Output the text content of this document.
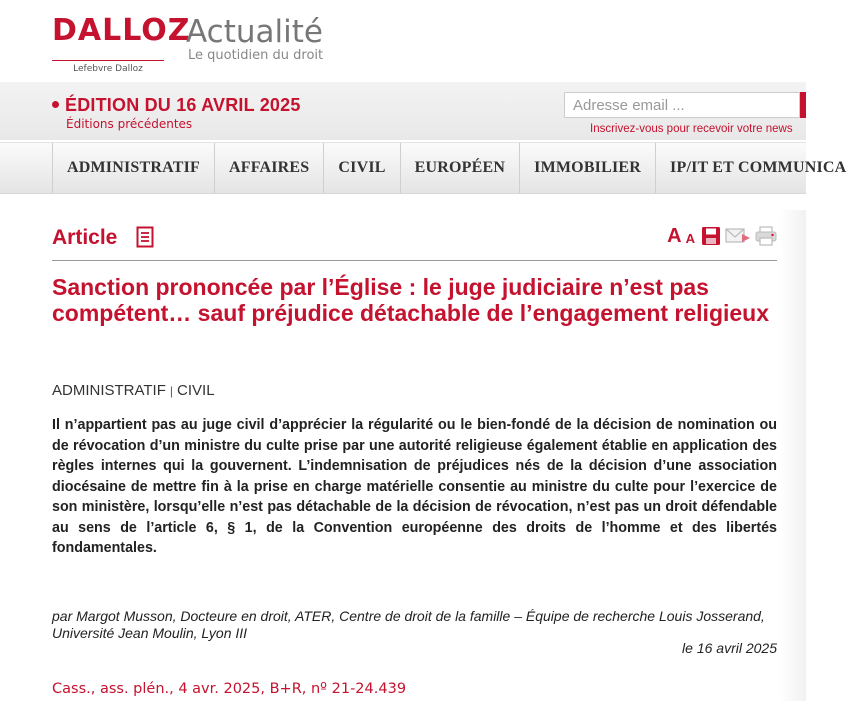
DALLOZ
Lefebvre Dalloz
Actualité
Le quotidien du droit
ÉDITION DU 16 AVRIL 2025
Éditions précédentes
Adresse email ...	Inscrivez-vous pour recevoir votre news
ADMINISTRATIF	AFFAIRES	CIVIL	EUROPÉEN	IMMOBILIER	IP/IT ET COMMUNICA
Article	A A
Sanction prononcée par l’Église : le juge judiciaire n’est pas compétent… sauf préjudice détachable de l’engagement religieux
ADMINISTRATIF | CIVIL

Il n’appartient pas au juge civil d’apprécier la régularité ou le bien-fondé de la décision de nomination ou de révocation d’un ministre du culte prise par une autorité religieuse également établie en application des règles internes qui la gouvernent. L’indemnisation de préjudices nés de la décision d’une association diocésaine de mettre fin à la prise en charge matérielle consentie au ministre du culte pour l’exercice de son ministère, lorsqu’elle n’est pas détachable de la décision de révocation, n’est pas un droit défendable au sens de l’article 6, § 1, de la Convention européenne des droits de l’homme et des libertés fondamentales.

par Margot Musson, Docteure en droit, ATER, Centre de droit de la famille – Équipe de recherche Louis Josserand, Université Jean Moulin, Lyon III

le 16 avril 2025
Cass., ass. plén., 4 avr. 2025, B+R, nº 21-24.439
